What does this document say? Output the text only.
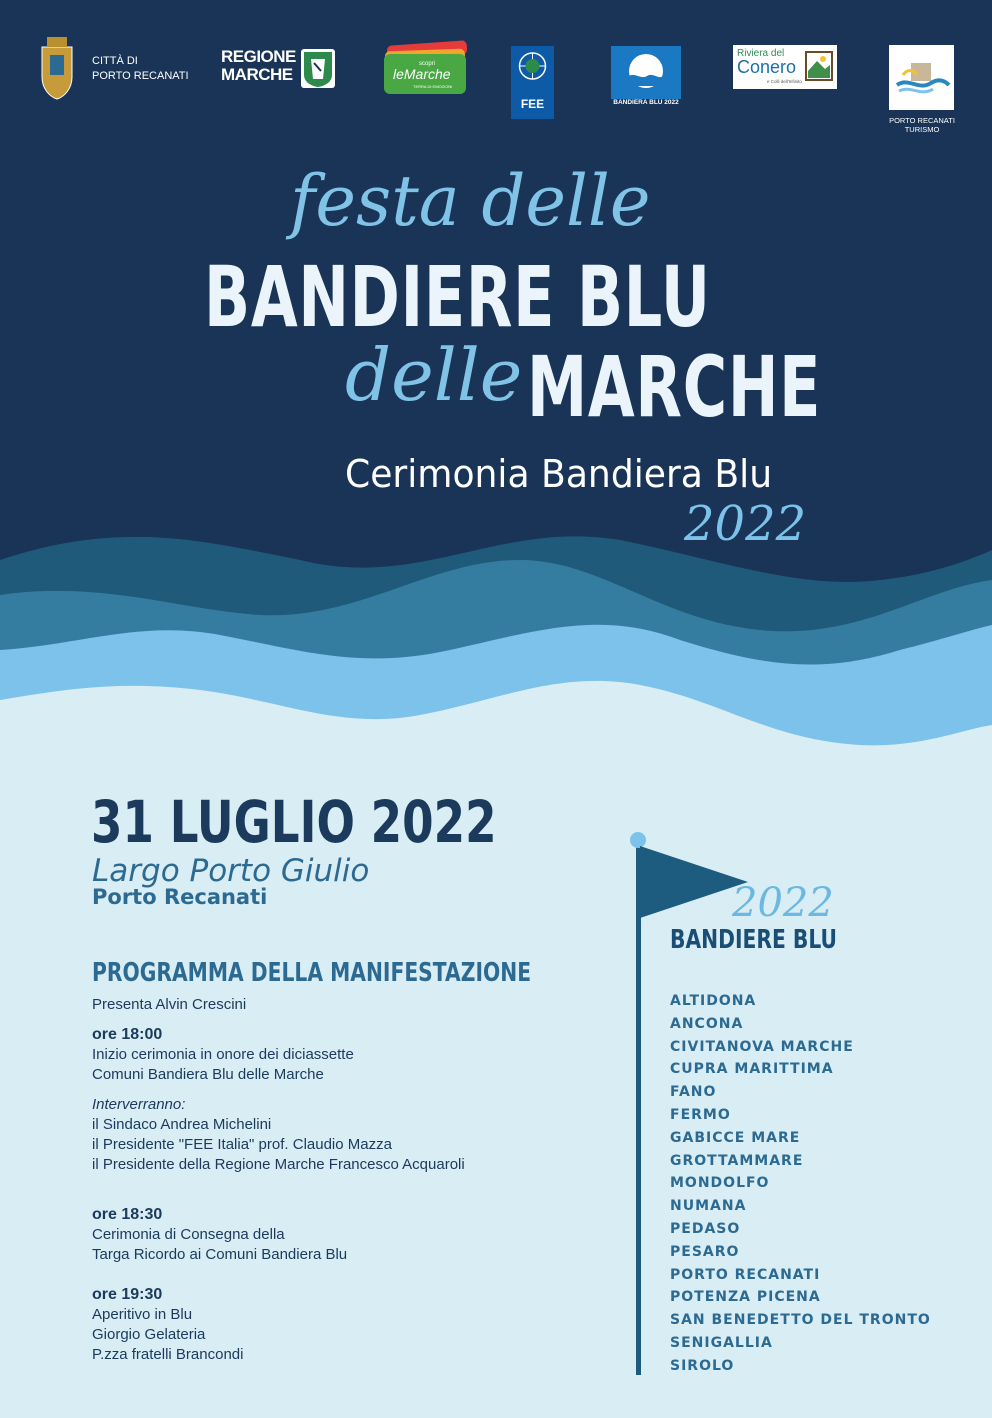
CITTÀ DI
PORTO RECANATI
REGIONE
MARCHE
scopri
leMarche
TERRA DI EMOZIONI
FEE	BANDIERA BLU 2022
Riviera del
Conero
e Colli dell'Infinito
PORTO RECANATI
TURISMO
festa delle
BANDIERE BLU
delle MARCHE
Cerimonia Bandiera Blu
2022
31 LUGLIO 2022
Largo Porto Giulio
Porto Recanati
PROGRAMMA DELLA MANIFESTAZIONE
Presenta Alvin Crescini
ore 18:00
Inizio cerimonia in onore dei diciassette
Comuni Bandiera Blu delle Marche
Interverranno:
il Sindaco Andrea Michelini
il Presidente "FEE Italia" prof. Claudio Mazza
il Presidente della Regione Marche Francesco Acquaroli
ore 18:30
Cerimonia di Consegna della
Targa Ricordo ai Comuni Bandiera Blu
ore 19:30
Aperitivo in Blu
Giorgio Gelateria
P.zza fratelli Brancondi
2022
BANDIERE BLU
ALTIDONA
ANCONA
CIVITANOVA MARCHE
CUPRA MARITTIMA
FANO
FERMO
GABICCE MARE
GROTTAMMARE
MONDOLFO
NUMANA
PEDASO
PESARO
PORTO RECANATI
POTENZA PICENA
SAN BENEDETTO DEL TRONTO
SENIGALLIA
SIROLO
